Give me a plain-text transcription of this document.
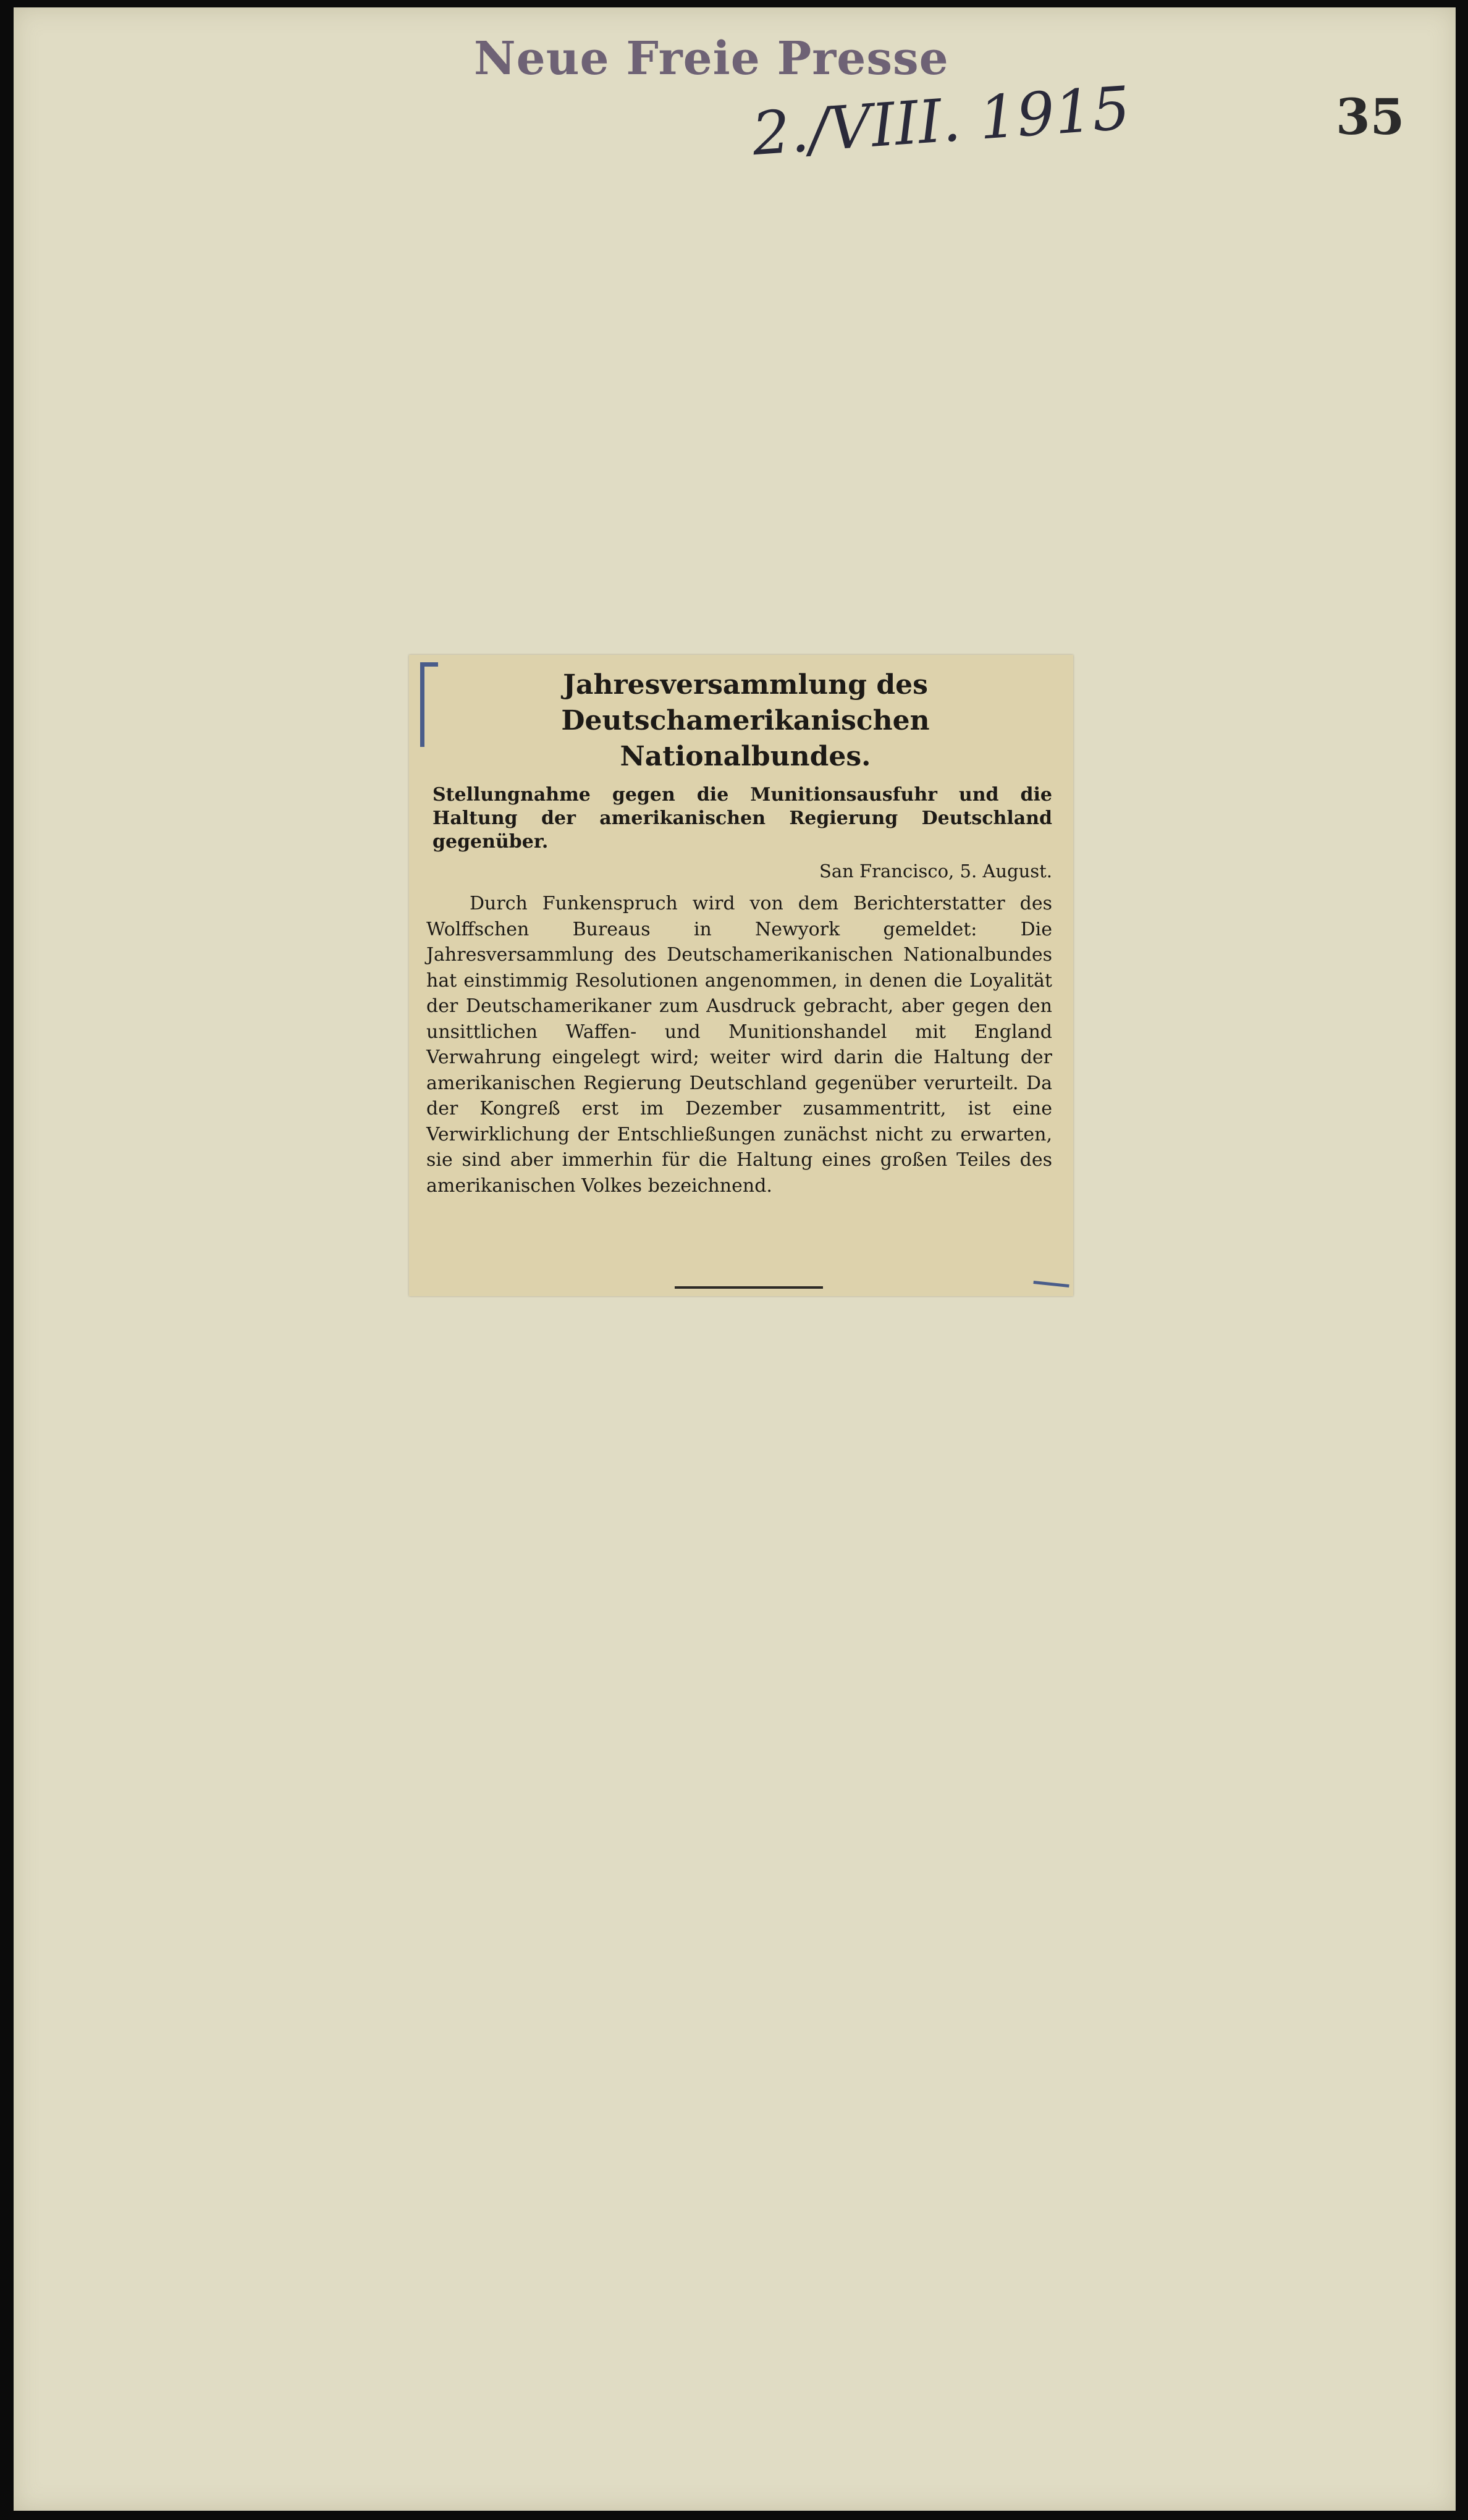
Neue Freie Presse
2./VIII. 1915	35
Jahresversammlung des Deutschamerikanischen Nationalbundes.
Stellungnahme gegen die Munitionsausfuhr und die Haltung der amerikanischen Regierung Deutschland gegenüber.
San Francisco, 5. August.

Durch Funkenspruch wird von dem Berichterstatter des Wolffschen Bureaus in Newyork gemeldet: Die Jahresversammlung des Deutschamerikanischen Nationalbundes hat einstimmig Resolutionen angenommen, in denen die Loyalität der Deutschamerikaner zum Ausdruck gebracht, aber gegen den unsittlichen Waffen- und Munitionshandel mit England Verwahrung eingelegt wird; weiter wird darin die Haltung der amerikanischen Regierung Deutschland gegenüber verurteilt. Da der Kongreß erst im Dezember zusammentritt, ist eine Verwirklichung der Entschließungen zunächst nicht zu erwarten, sie sind aber immerhin für die Haltung eines großen Teiles des amerikanischen Volkes bezeichnend.
